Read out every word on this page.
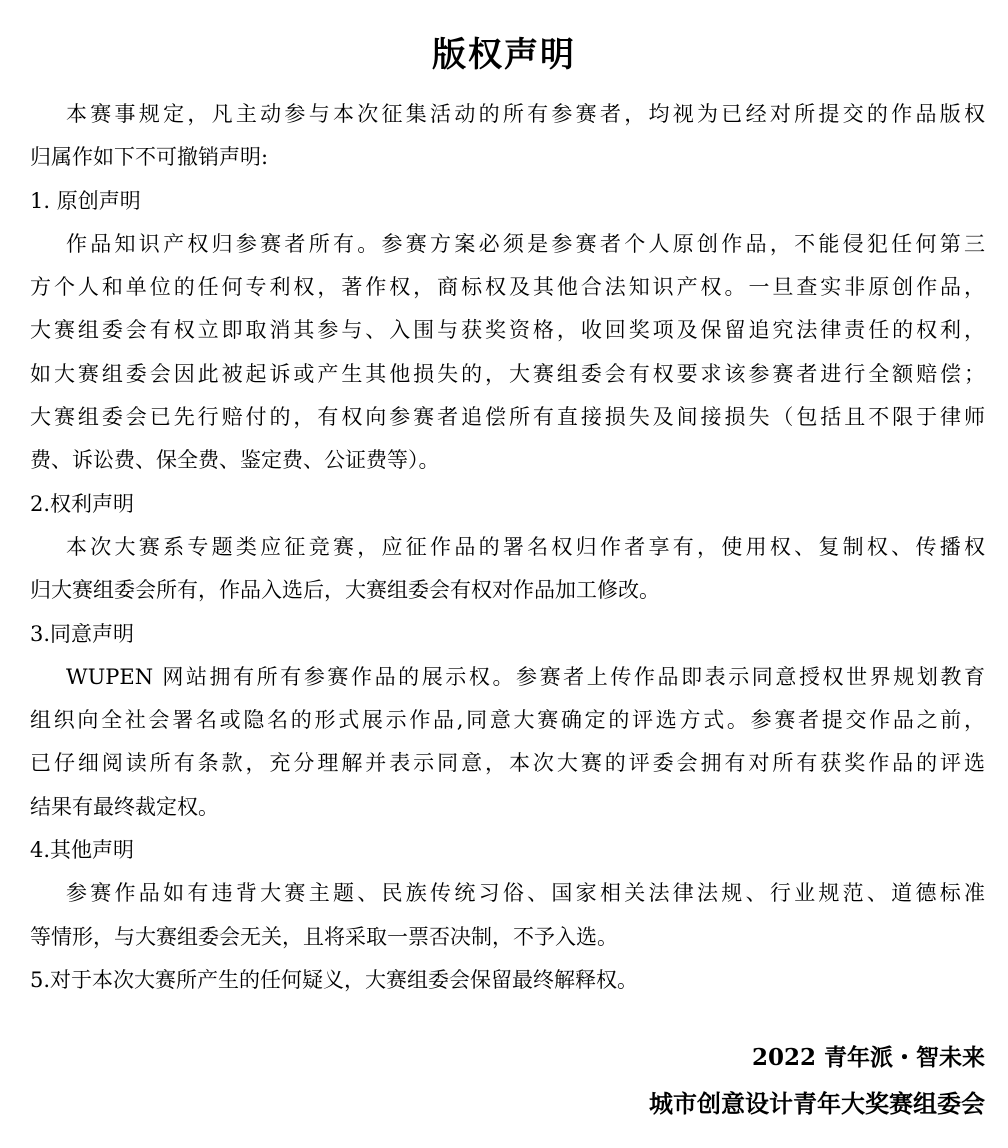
版权声明
本赛事规定，凡主动参与本次征集活动的所有参赛者，均视为已经对所提交的作品版权
归属作如下不可撤销声明:
1. 原创声明
作品知识产权归参赛者所有。参赛方案必须是参赛者个人原创作品，不能侵犯任何第三
方个人和单位的任何专利权，著作权，商标权及其他合法知识产权。一旦查实非原创作品，
大赛组委会有权立即取消其参与、入围与获奖资格，收回奖项及保留追究法律责任的权利，
如大赛组委会因此被起诉或产生其他损失的，大赛组委会有权要求该参赛者进行全额赔偿；
大赛组委会已先行赔付的，有权向参赛者追偿所有直接损失及间接损失（包括且不限于律师
费、诉讼费、保全费、鉴定费、公证费等）。
2.权利声明
本次大赛系专题类应征竞赛，应征作品的署名权归作者享有，使用权、复制权、传播权
归大赛组委会所有，作品入选后，大赛组委会有权对作品加工修改。
3.同意声明
WUPEN 网站拥有所有参赛作品的展示权。参赛者上传作品即表示同意授权世界规划教育
组织向全社会署名或隐名的形式展示作品,同意大赛确定的评选方式。参赛者提交作品之前，
已仔细阅读所有条款，充分理解并表示同意，本次大赛的评委会拥有对所有获奖作品的评选
结果有最终裁定权。
4.其他声明
参赛作品如有违背大赛主题、民族传统习俗、国家相关法律法规、行业规范、道德标准
等情形，与大赛组委会无关，且将采取一票否决制，不予入选。
5.对于本次大赛所产生的任何疑义，大赛组委会保留最终解释权。
2022 青年派・智未来
城市创意设计青年大奖赛组委会
